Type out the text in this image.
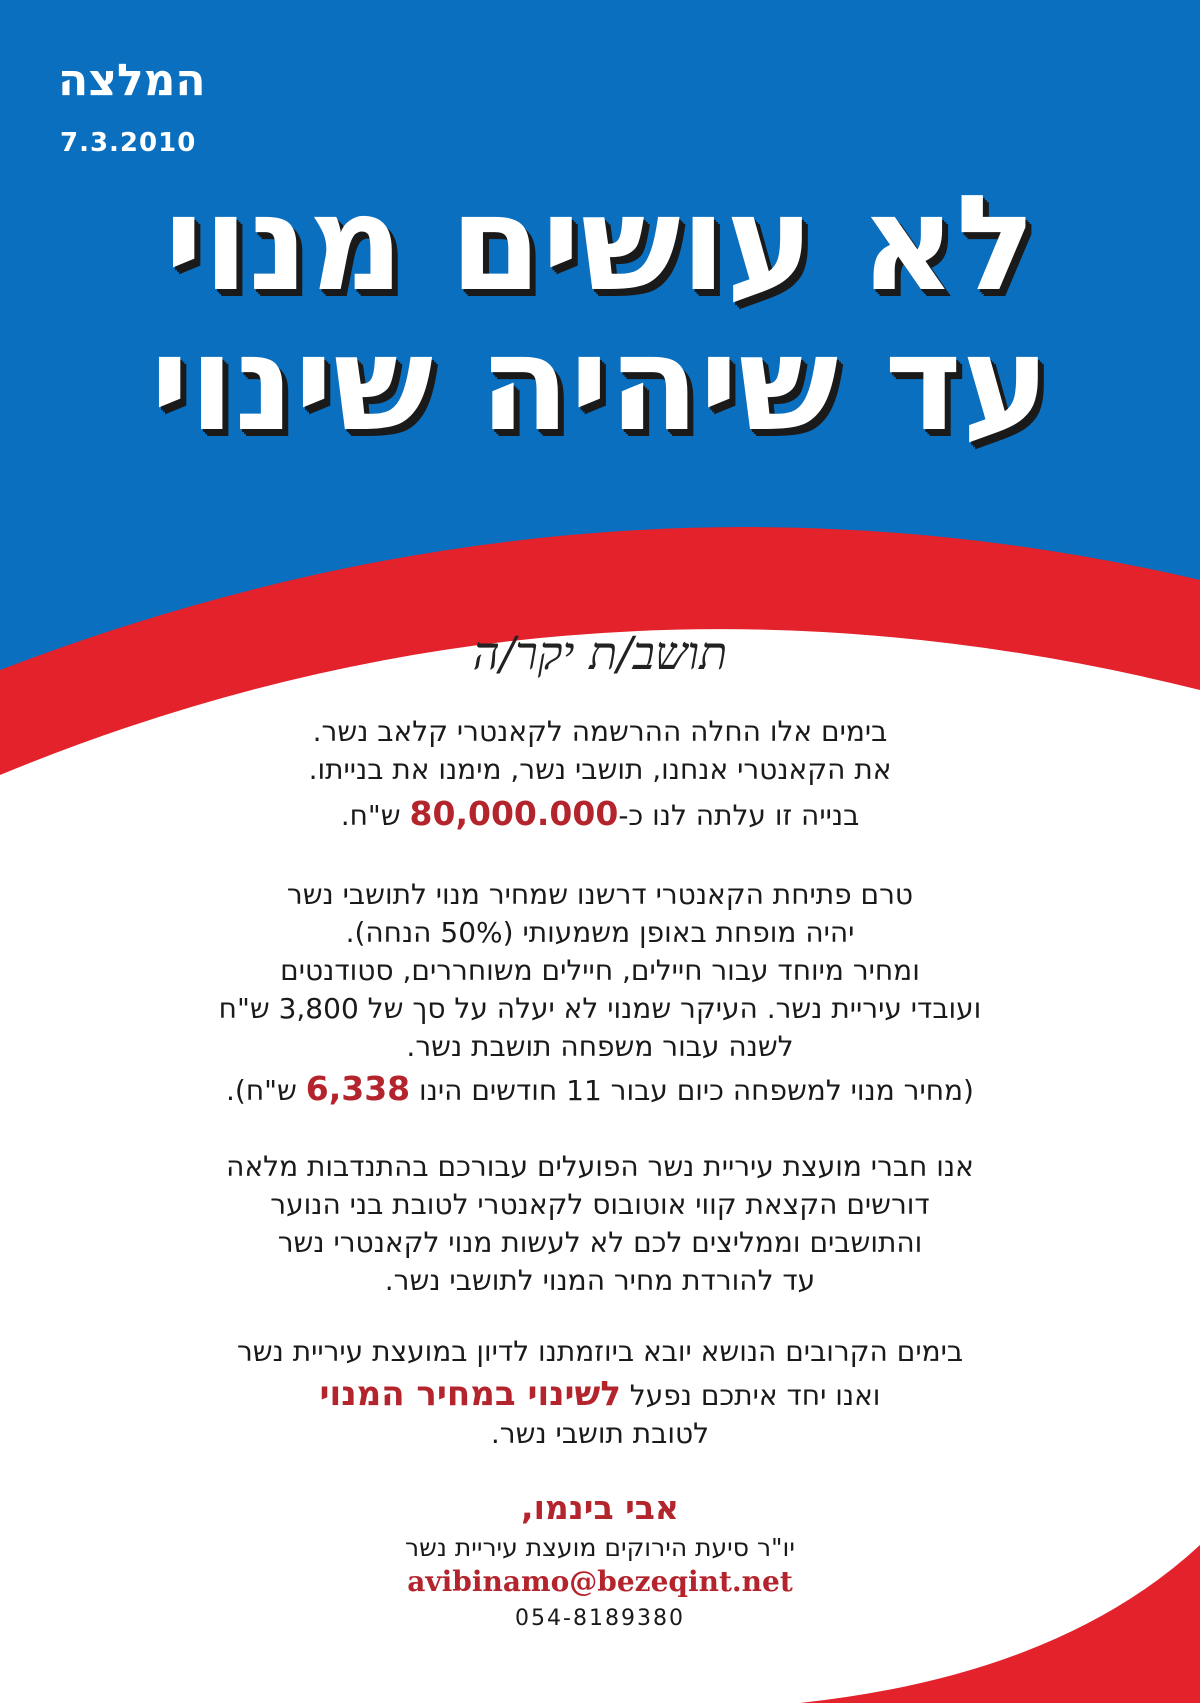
המלצה

7.3.2010

לא עושים מנוי
עד שיהיה שינוי

תושב/ת יקר/ה

בימים אלו החלה ההרשמה לקאנטרי קלאב נשר.
את הקאנטרי אנחנו, תושבי נשר, מימנו את בנייתו.
בנייה זו עלתה לנו כ-80,000.000 ש"ח.
טרם פתיחת הקאנטרי דרשנו שמחיר מנוי לתושבי נשר
יהיה מופחת באופן משמעותי (50% הנחה).
ומחיר מיוחד עבור חיילים, חיילים משוחררים, סטודנטים
ועובדי עיריית נשר. העיקר שמנוי לא יעלה על סך של 3,800 ש"ח
לשנה עבור משפחה תושבת נשר.
(מחיר מנוי למשפחה כיום עבור 11 חודשים הינו 6,338 ש"ח).
אנו חברי מועצת עיריית נשר הפועלים עבורכם בהתנדבות מלאה
דורשים הקצאת קווי אוטובוס לקאנטרי לטובת בני הנוער
והתושבים וממליצים לכם לא לעשות מנוי לקאנטרי נשר
עד להורדת מחיר המנוי לתושבי נשר.
בימים הקרובים הנושא יובא ביוזמתנו לדיון במועצת עיריית נשר
ואנו יחד איתכם נפעל לשינוי במחיר המנוי
לטובת תושבי נשר.

אבי בינמו,

יו"ר סיעת הירוקים מועצת עיריית נשר

avibinamo@bezeqint.net

054-8189380
